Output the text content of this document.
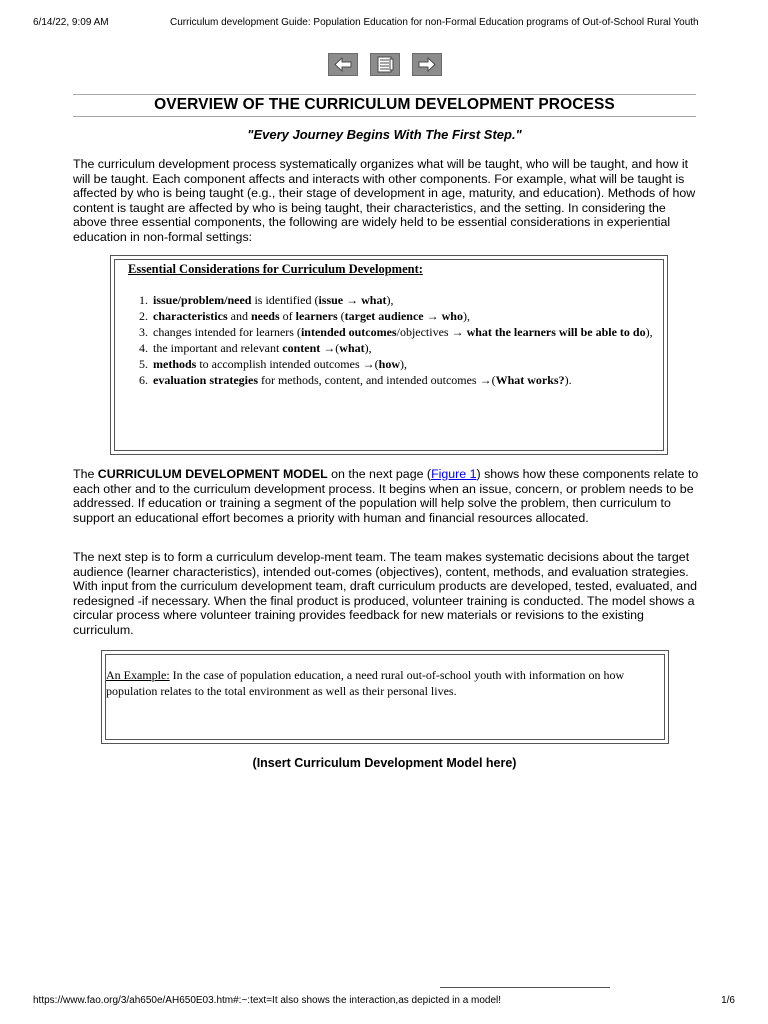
6/14/22, 9:09 AM	Curriculum development Guide: Population Education for non-Formal Education programs of Out-of-School Rural Youth
OVERVIEW OF THE CURRICULUM DEVELOPMENT PROCESS

"Every Journey Begins With The First Step."

The curriculum development process systematically organizes what will be taught, who will be taught, and how it will be taught. Each component affects and interacts with other components. For example, what will be taught is affected by who is being taught (e.g., their stage of development in age, maturity, and education). Methods of how content is taught are affected by who is being taught, their characteristics, and the setting. In considering the above three essential components, the following are widely held to be essential considerations in experiential education in non-formal settings:

Essential Considerations for Curriculum Development:

1. issue/problem/need is identified (issue → what),
2. characteristics and needs of learners (target audience → who),
3. changes intended for learners (intended outcomes/objectives → what the learners will be able to do),
4. the important and relevant content →(what),
5. methods to accomplish intended outcomes →(how),
6. evaluation strategies for methods, content, and intended outcomes →(What works?).

The CURRICULUM DEVELOPMENT MODEL on the next page (Figure 1) shows how these components relate to each other and to the curriculum development process. It begins when an issue, concern, or problem needs to be addressed. If education or training a segment of the population will help solve the problem, then curriculum to support an educational effort becomes a priority with human and financial resources allocated.

The next step is to form a curriculum develop-ment team. The team makes systematic decisions about the target audience (learner characteristics), intended out-comes (objectives), content, methods, and evaluation strategies. With input from the curriculum development team, draft curriculum products are developed, tested, evaluated, and redesigned -if necessary. When the final product is produced, volunteer training is conducted. The model shows a circular process where volunteer training provides feedback for new materials or revisions to the existing curriculum.

An Example: In the case of population education, a need rural out-of-school youth with information on how population relates to the total environment as well as their personal lives.

(Insert Curriculum Development Model here)

https://www.fao.org/3/ah650e/AH650E03.htm#:~:text=It also shows the interaction,as depicted in a model!	1/6
